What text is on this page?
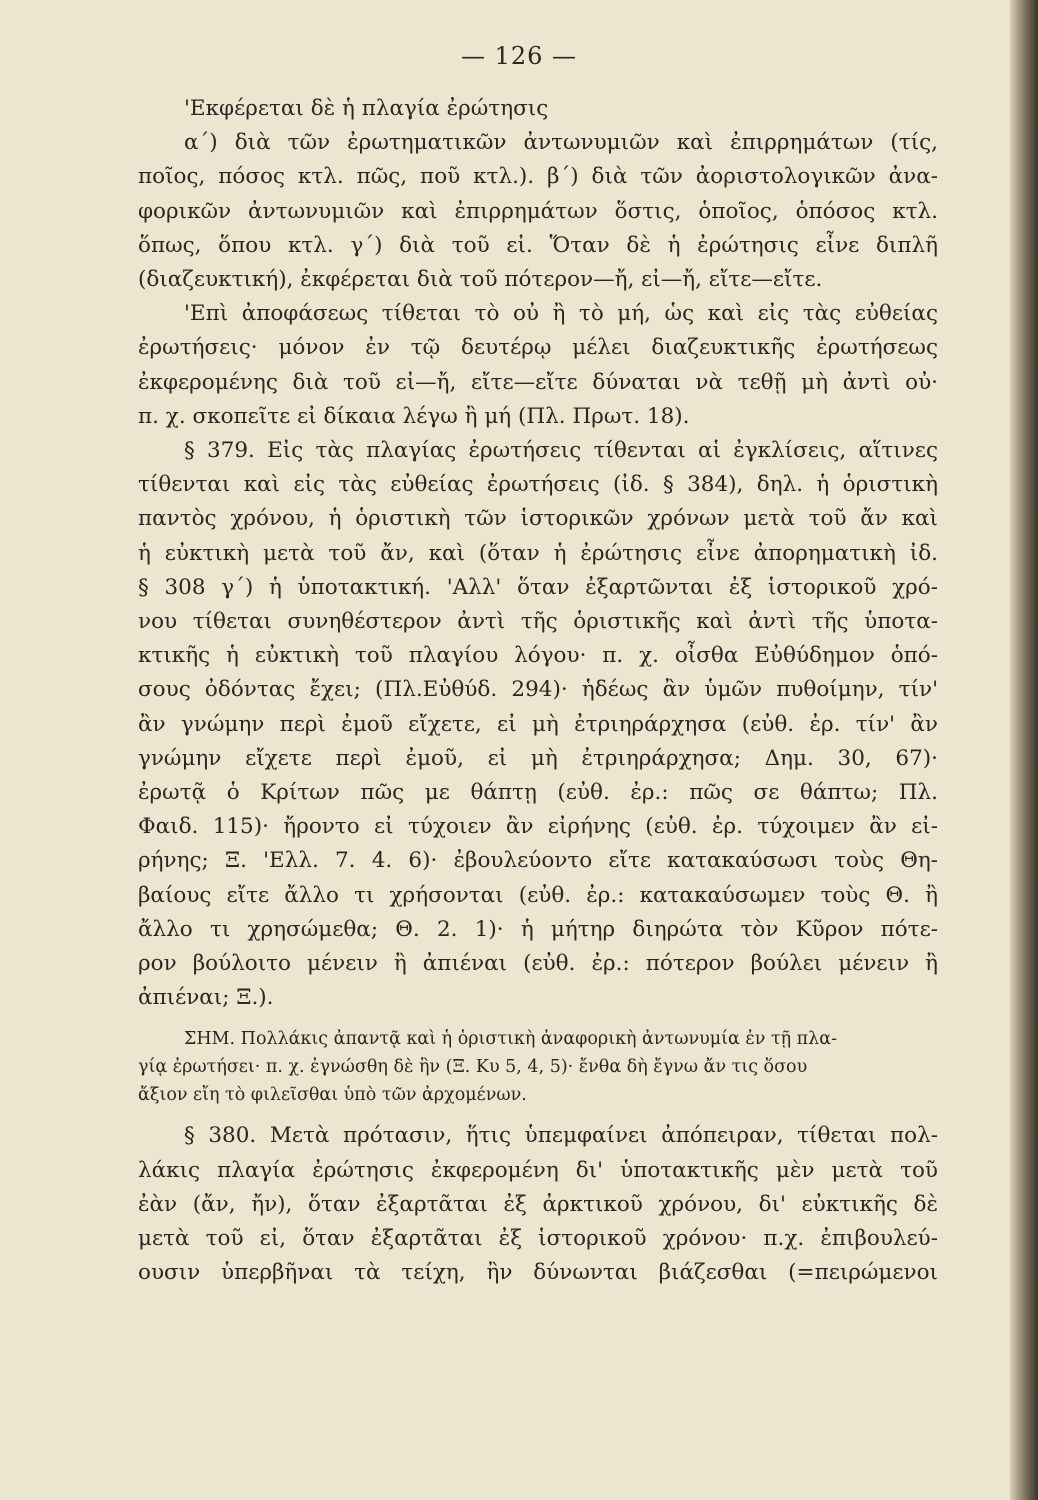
— 126 —

'Εκφέρεται δὲ ἡ πλαγία ἐρώτησις

α΄) διὰ τῶν ἐρωτηματικῶν ἀντωνυμιῶν καὶ ἐπιρρημάτων (τίς,
ποῖος, πόσος κτλ. πῶς, ποῦ κτλ.). β΄) διὰ τῶν ἀοριστολογικῶν ἀνα-
φορικῶν ἀντωνυμιῶν καὶ ἐπιρρημάτων ὅστις, ὁποῖος, ὁπόσος κτλ.
ὅπως, ὅπου κτλ. γ΄) διὰ τοῦ εἰ. Ὅταν δὲ ἡ ἐρώτησις εἶνε διπλῆ
(διαζευκτική), ἐκφέρεται διὰ τοῦ πότερον—ἤ, εἰ—ἤ, εἴτε—εἴτε.

'Επὶ ἀποφάσεως τίθεται τὸ οὐ ἢ τὸ μή, ὡς καὶ εἰς τὰς εὐθείας
ἐρωτήσεις· μόνον ἐν τῷ δευτέρῳ μέλει διαζευκτικῆς ἐρωτήσεως
ἐκφερομένης διὰ τοῦ εἰ—ἤ, εἴτε—εἴτε δύναται νὰ τεθῇ μὴ ἀντὶ οὐ·
π. χ. σκοπεῖτε εἰ δίκαια λέγω ἢ μή (Πλ. Πρωτ. 18).

§ 379. Εἰς τὰς πλαγίας ἐρωτήσεις τίθενται αἱ ἐγκλίσεις, αἵτινες
τίθενται καὶ εἰς τὰς εὐθείας ἐρωτήσεις (ἰδ. § 384), δηλ. ἡ ὁριστικὴ
παντὸς χρόνου, ἡ ὁριστικὴ τῶν ἱστορικῶν χρόνων μετὰ τοῦ ἄν καὶ
ἡ εὐκτικὴ μετὰ τοῦ ἄν, καὶ (ὅταν ἡ ἐρώτησις εἶνε ἀπορηματικὴ ἰδ.
§ 308 γ΄) ἡ ὑποτακτική. 'Αλλ' ὅταν ἐξαρτῶνται ἐξ ἱστορικοῦ χρό-
νου τίθεται συνηθέστερον ἀντὶ τῆς ὁριστικῆς καὶ ἀντὶ τῆς ὑποτα-
κτικῆς ἡ εὐκτικὴ τοῦ πλαγίου λόγου· π. χ. οἶσθα Εὐθύδημον ὁπό-
σους ὀδόντας ἔχει; (Πλ.Εὐθύδ. 294)· ἡδέως ἂν ὑμῶν πυθοίμην, τίν'
ἂν γνώμην περὶ ἐμοῦ εἴχετε, εἰ μὴ ἐτριηράρχησα (εὐθ. ἐρ. τίν' ἂν
γνώμην εἴχετε περὶ ἐμοῦ, εἰ μὴ ἐτριηράρχησα; Δημ. 30, 67)·
ἐρωτᾷ ὁ Κρίτων πῶς με θάπτῃ (εὐθ. ἐρ.: πῶς σε θάπτω; Πλ.
Φαιδ. 115)· ἤροντο εἰ τύχοιεν ἂν εἰρήνης (εὐθ. ἐρ. τύχοιμεν ἂν εἰ-
ρήνης; Ξ. 'Ελλ. 7. 4. 6)· ἐβουλεύοντο εἴτε κατακαύσωσι τοὺς Θη-
βαίους εἴτε ἄλλο τι χρήσονται (εὐθ. ἐρ.: κατακαύσωμεν τοὺς Θ. ἢ
ἄλλο τι χρησώμεθα; Θ. 2. 1)· ἡ μήτηρ διηρώτα τὸν Κῦρον πότε-
ρον βούλοιτο μένειν ἢ ἀπιέναι (εὐθ. ἐρ.: πότερον βούλει μένειν ἢ
ἀπιέναι; Ξ.).

ΣΗΜ. Πολλάκις ἀπαντᾷ καὶ ἡ ὁριστικὴ ἀναφορικὴ ἀντωνυμία ἐν τῇ πλα-
γίᾳ ἐρωτήσει· π. χ. ἐγνώσθη δὲ ἣν (Ξ. Κυ 5, 4, 5)· ἔνθα δὴ ἔγνω ἄν τις ὅσου
ἄξιον εἴη τὸ φιλεῖσθαι ὑπὸ τῶν ἀρχομένων.

§ 380. Μετὰ πρότασιν, ἥτις ὑπεμφαίνει ἀπόπειραν, τίθεται πολ-
λάκις πλαγία ἐρώτησις ἐκφερομένη δι' ὑποτακτικῆς μὲν μετὰ τοῦ
ἐὰν (ἄν, ἤν), ὅταν ἐξαρτᾶται ἐξ ἀρκτικοῦ χρόνου, δι' εὐκτικῆς δὲ
μετὰ τοῦ εἰ, ὅταν ἐξαρτᾶται ἐξ ἱστορικοῦ χρόνου· π.χ. ἐπιβουλεύ-
ουσιν ὑπερβῆναι τὰ τείχη, ἢν δύνωνται βιάζεσθαι (=πειρώμενοι
